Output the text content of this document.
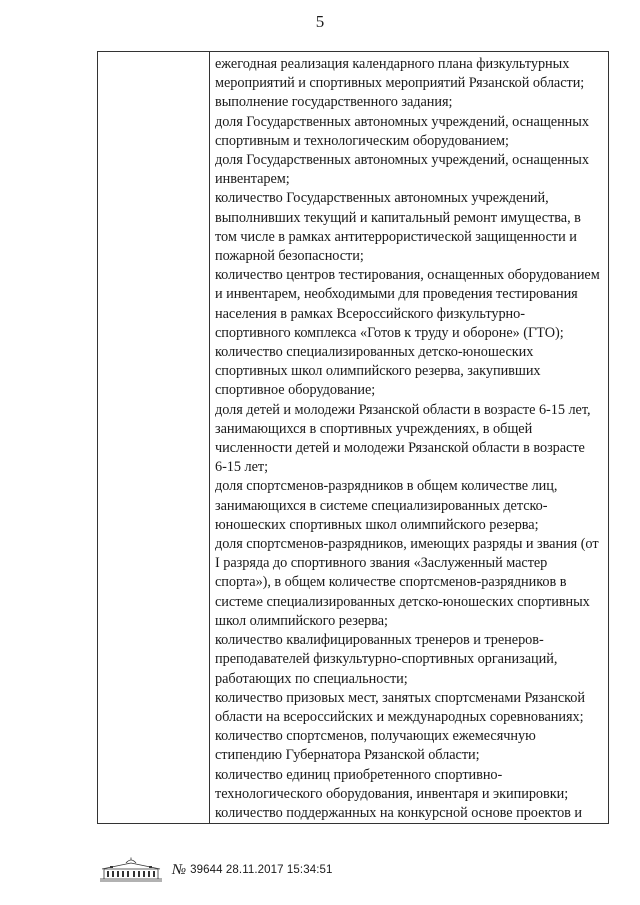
5
ежегодная реализация календарного плана физкультурных
мероприятий и спортивных мероприятий Рязанской области;
выполнение государственного задания;
доля Государственных автономных учреждений, оснащенных
спортивным и технологическим оборудованием;
доля Государственных автономных учреждений, оснащенных
инвентарем;
количество Государственных автономных учреждений,
выполнивших текущий и капитальный ремонт имущества, в
том числе в рамках антитеррористической защищенности и
пожарной безопасности;
количество центров тестирования, оснащенных оборудованием
и инвентарем, необходимыми для проведения тестирования
населения в рамках Всероссийского физкультурно-
спортивного комплекса «Готов к труду и обороне» (ГТО);
количество специализированных детско-юношеских
спортивных школ олимпийского резерва, закупивших
спортивное оборудование;
доля детей и молодежи Рязанской области в возрасте 6-15 лет,
занимающихся в спортивных учреждениях, в общей
численности детей и молодежи Рязанской области в возрасте
6-15 лет;
доля спортсменов-разрядников в общем количестве лиц,
занимающихся в системе специализированных детско-
юношеских спортивных школ олимпийского резерва;
доля спортсменов-разрядников, имеющих разряды и звания (от
I разряда до спортивного звания «Заслуженный мастер
спорта»), в общем количестве спортсменов-разрядников в
системе специализированных детско-юношеских спортивных
школ олимпийского резерва;
количество квалифицированных тренеров и тренеров-
преподавателей физкультурно-спортивных организаций,
работающих по специальности;
количество призовых мест, занятых спортсменами Рязанской
области на всероссийских и международных соревнованиях;
количество спортсменов, получающих ежемесячную
стипендию Губернатора Рязанской области;
количество единиц приобретенного спортивно-
технологического оборудования, инвентаря и экипировки;
количество поддержанных на конкурсной основе проектов и
№ 39644 28.11.2017 15:34:51
